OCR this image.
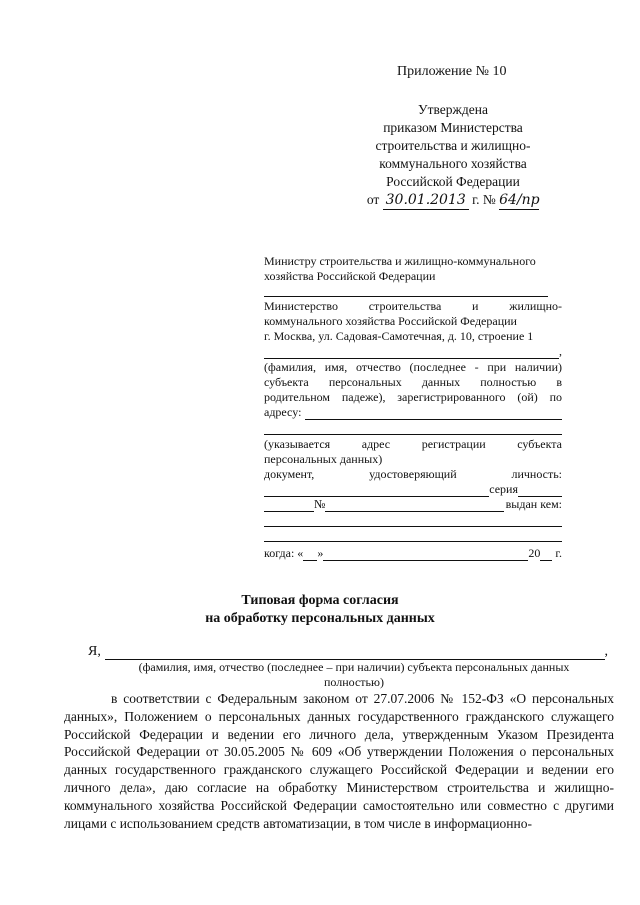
Приложение № 10
Утверждена
приказом Министерства
строительства и жилищно-
коммунального хозяйства
Российской Федерации
от 30.01.2013 г. № 64/пр
Министру строительства и жилищно-коммунального
хозяйства Российской Федерации
Министерство строительства и жилищно-
коммунального хозяйства Российской Федерации
г. Москва, ул. Садовая-Самотечная, д. 10, строение 1
,
(фамилия, имя, отчество (последнее - при наличии)
субъекта персональных данных полностью в
родительном падеже), зарегистрированного (ой) по
адресу:
(указывается адрес регистрации субъекта
персональных данных)
документ, удостоверяющий личность:
серия
№	выдан кем:
когда: « »	20 г.
Типовая форма согласия
на обработку персональных данных
Я,	,
(фамилия, имя, отчество (последнее – при наличии) субъекта персональных данных
полностью)
в соответствии с Федеральным законом от 27.07.2006 № 152-ФЗ «О персональных данных», Положением о персональных данных государственного гражданского служащего Российской Федерации и ведении его личного дела, утвержденным Указом Президента Российской Федерации от 30.05.2005 № 609 «Об утверждении Положения о персональных данных государственного гражданского служащего Российской Федерации и ведении его личного дела», даю согласие на обработку Министерством строительства и жилищно-коммунального хозяйства Российской Федерации самостоятельно или совместно с другими лицами с использованием средств автоматизации, в том числе в информационно-
